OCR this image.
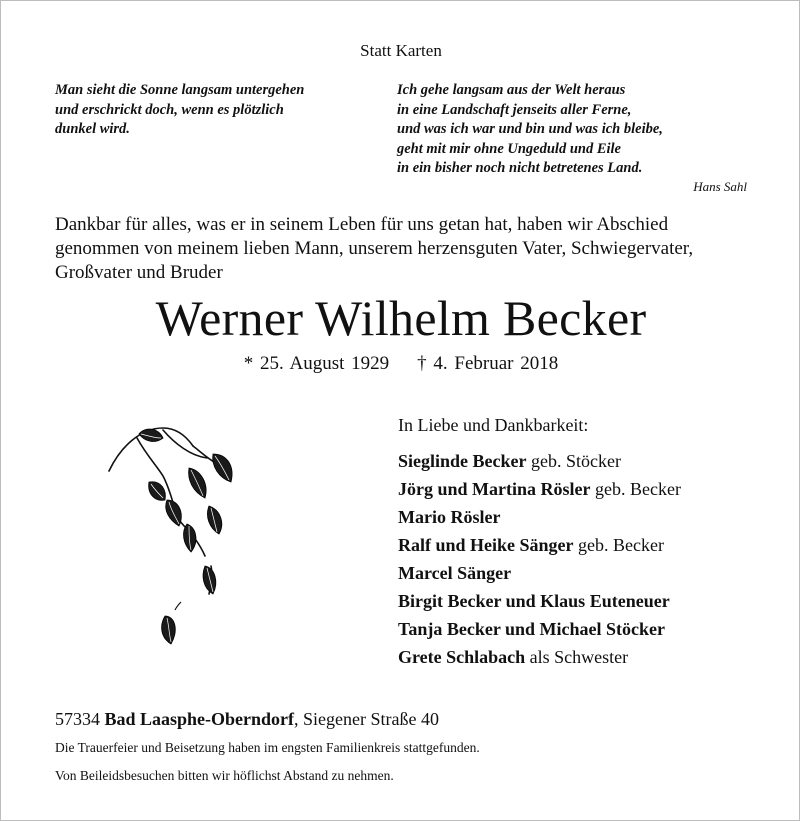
Statt Karten
Man sieht die Sonne langsam untergehen
und erschrickt doch, wenn es plötzlich
dunkel wird.
Ich gehe langsam aus der Welt heraus
in eine Landschaft jenseits aller Ferne,
und was ich war und bin und was ich bleibe,
geht mit mir ohne Ungeduld und Eile
in ein bisher noch nicht betretenes Land.
Hans Sahl
Dankbar für alles, was er in seinem Leben für uns getan hat, haben wir Abschied
genommen von meinem lieben Mann, unserem herzensguten Vater, Schwiegervater,
Großvater und Bruder
Werner Wilhelm Becker
* 25. August 1929 † 4. Februar 2018
In Liebe und Dankbarkeit:
Sieglinde Becker geb. Stöcker
Jörg und Martina Rösler geb. Becker
Mario Rösler
Ralf und Heike Sänger geb. Becker
Marcel Sänger
Birgit Becker und Klaus Euteneuer
Tanja Becker und Michael Stöcker
Grete Schlabach als Schwester
57334 Bad Laasphe-Oberndorf, Siegener Straße 40
Die Trauerfeier und Beisetzung haben im engsten Familienkreis stattgefunden.
Von Beileidsbesuchen bitten wir höflichst Abstand zu nehmen.
